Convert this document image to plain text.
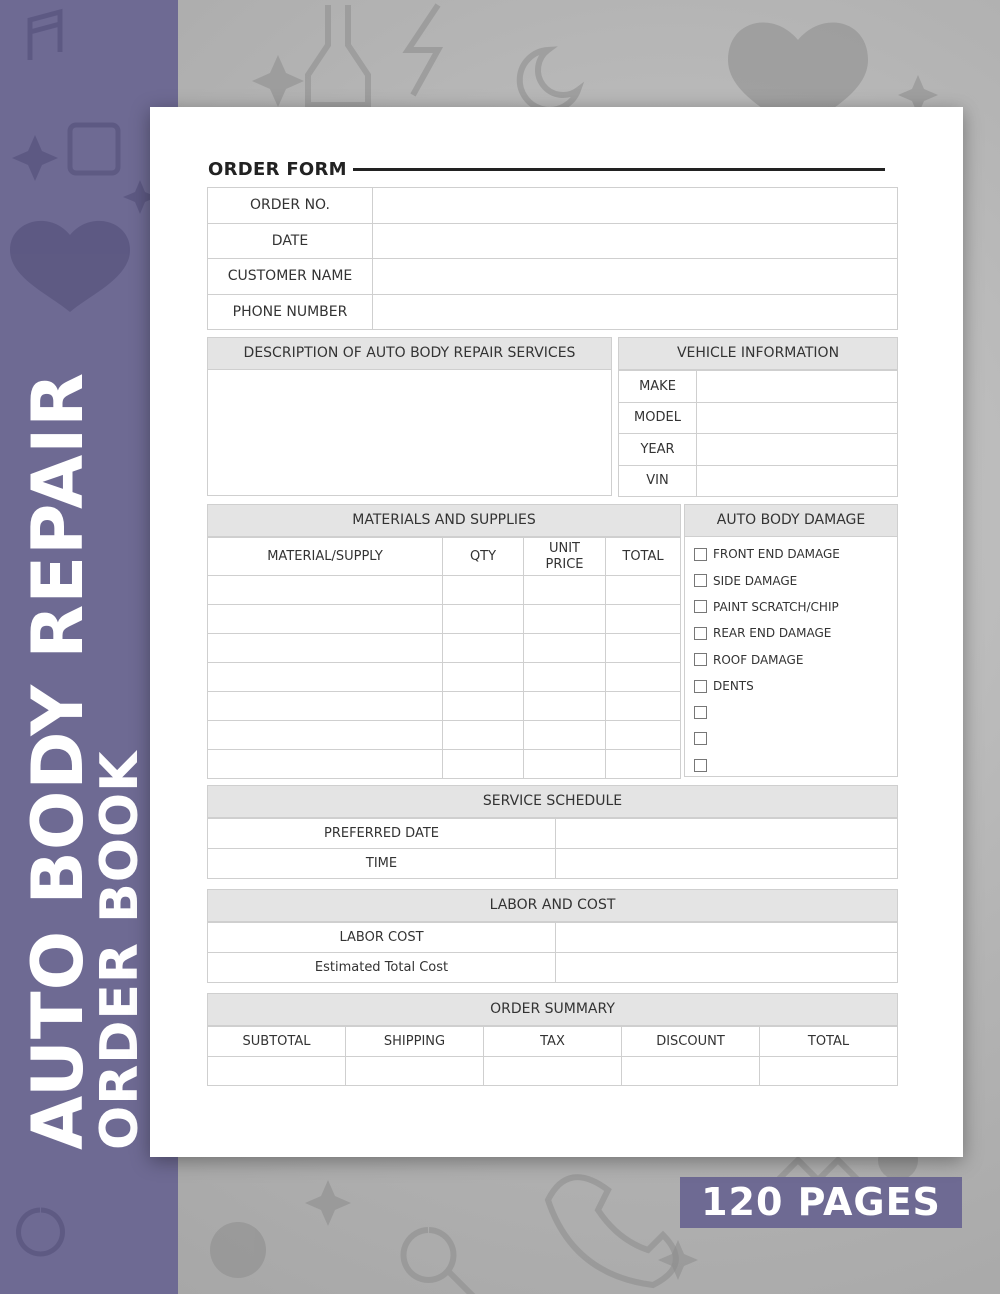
AUTO BODY REPAIR
ORDER BOOK
120 PAGES
ORDER FORM
ORDER NO.	
DATE	
CUSTOMER NAME	
PHONE NUMBER	
DESCRIPTION OF AUTO BODY REPAIR SERVICES	VEHICLE INFORMATION
MAKE	
MODEL	
YEAR	
VIN	
MATERIALS AND SUPPLIES
MATERIAL/SUPPLY	QTY	UNIT PRICE	TOTAL

AUTO BODY DAMAGE
FRONT END DAMAGE
SIDE DAMAGE
PAINT SCRATCH/CHIP
REAR END DAMAGE
ROOF DAMAGE
DENTS
SERVICE SCHEDULE
PREFERRED DATE	
TIME	
LABOR AND COST
LABOR COST	
Estimated Total Cost	
ORDER SUMMARY
SUBTOTAL	SHIPPING	TAX	DISCOUNT	TOTAL
